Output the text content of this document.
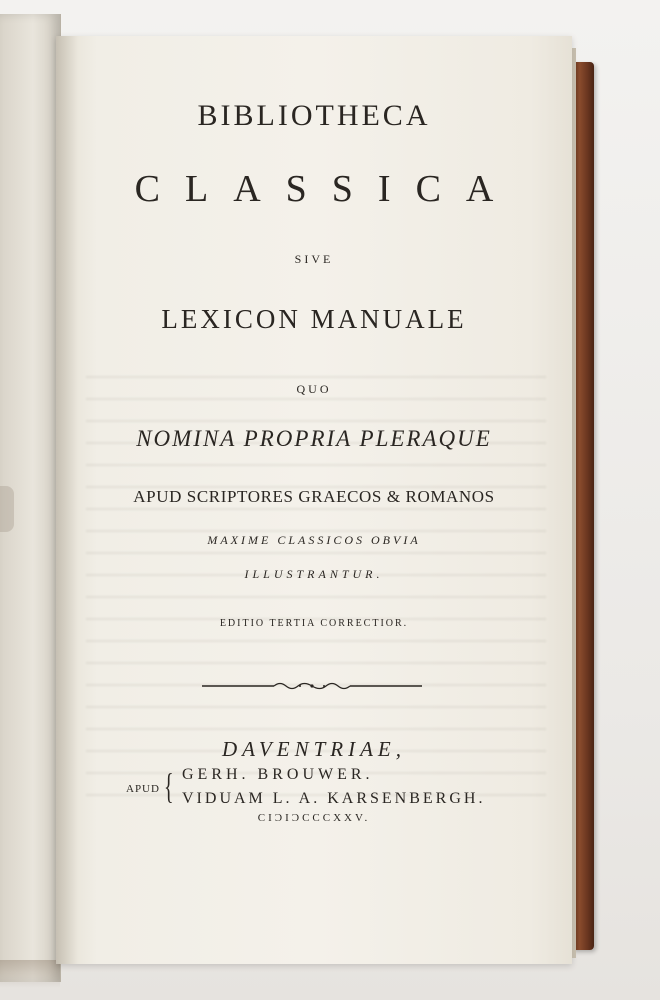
BIBLIOTHECA
CLASSICA
SIVE
LEXICON MANUALE
QUO
NOMINA PROPRIA PLERAQUE
APUD SCRIPTORES GRAECOS & ROMANOS
MAXIME CLASSICOS OBVIA
ILLUSTRANTUR.
EDITIO TERTIA CORRECTIOR.
DAVENTRIAE,
APUD { GERH. BROUWER.
VIDUAM L. A. KARSENBERGH.
CIƆIƆCCCXXV.
